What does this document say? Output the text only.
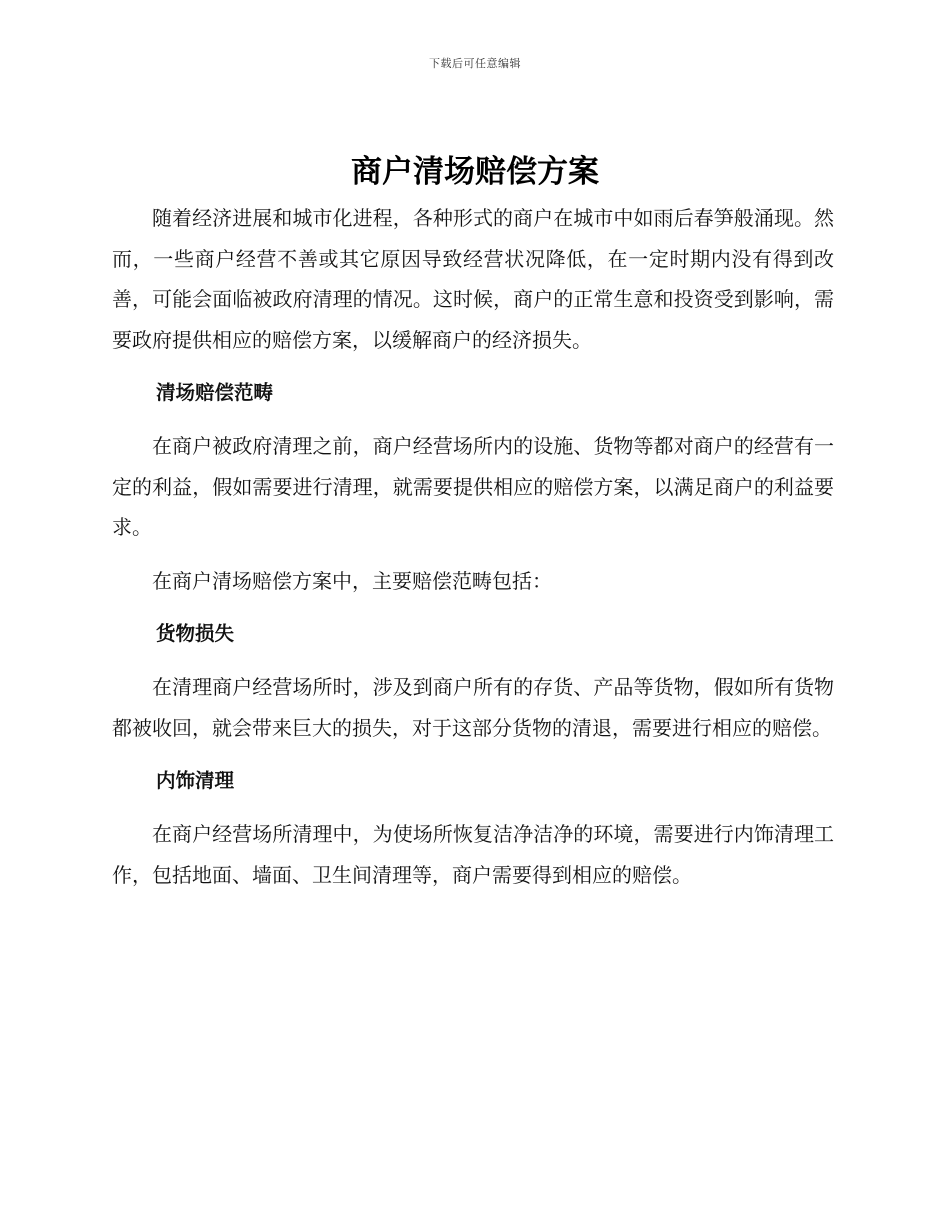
下载后可任意编辑
商户清场赔偿方案

随着经济进展和城市化进程，各种形式的商户在城市中如雨后春笋般涌现。然而，一些商户经营不善或其它原因导致经营状况降低，在一定时期内没有得到改善，可能会面临被政府清理的情况。这时候，商户的正常生意和投资受到影响，需要政府提供相应的赔偿方案，以缓解商户的经济损失。

清场赔偿范畴

在商户被政府清理之前，商户经营场所内的设施、货物等都对商户的经营有一定的利益，假如需要进行清理，就需要提供相应的赔偿方案，以满足商户的利益要求。

在商户清场赔偿方案中，主要赔偿范畴包括：

货物损失

在清理商户经营场所时，涉及到商户所有的存货、产品等货物，假如所有货物都被收回，就会带来巨大的损失，对于这部分货物的清退，需要进行相应的赔偿。

内饰清理

在商户经营场所清理中，为使场所恢复洁净洁净的环境，需要进行内饰清理工作，包括地面、墙面、卫生间清理等，商户需要得到相应的赔偿。
